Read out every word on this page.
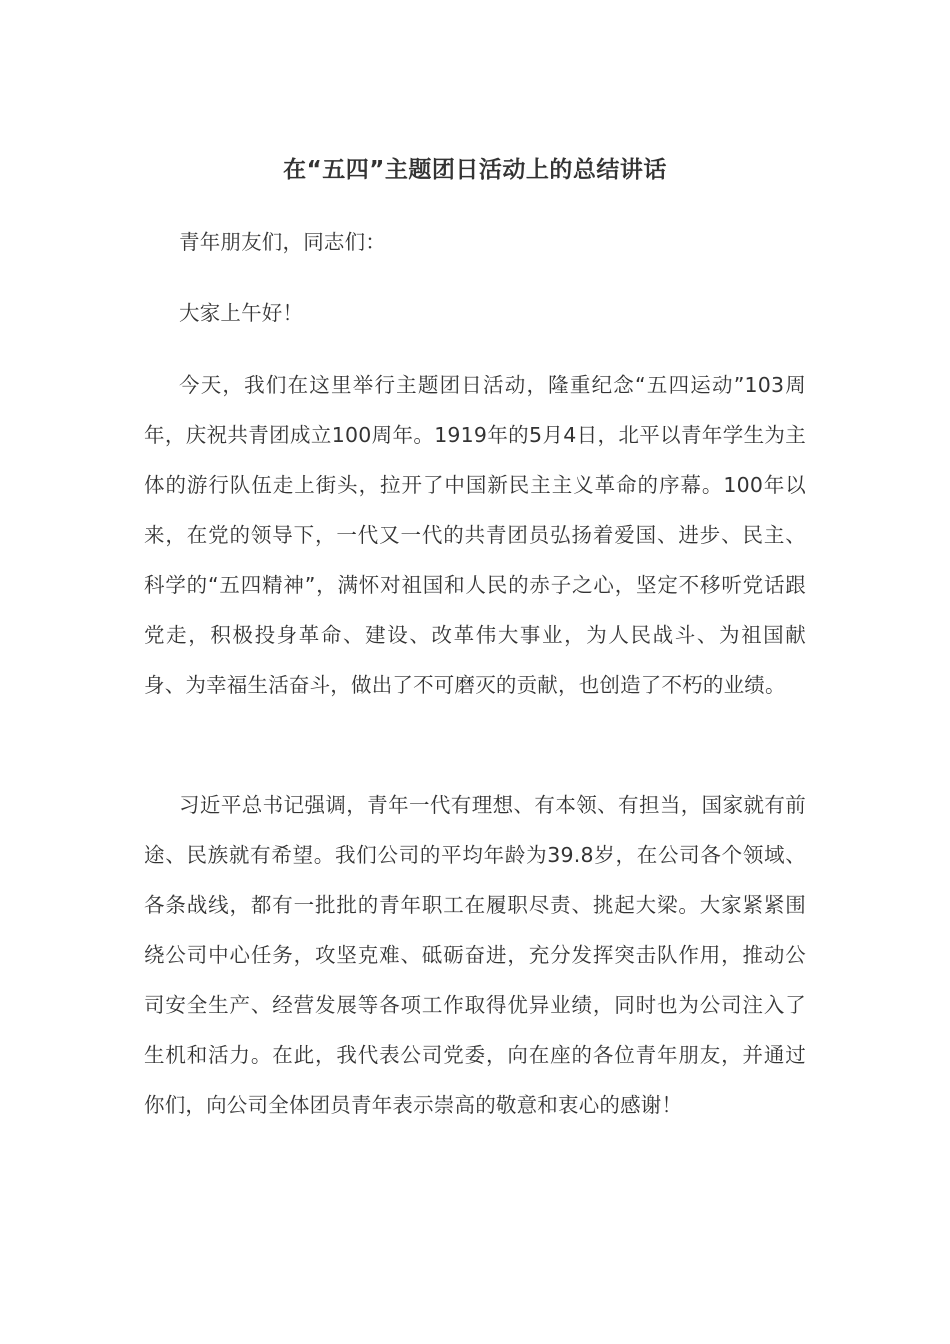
在“五四”主题团日活动上的总结讲话

青年朋友们，同志们：

大家上午好！

今天，我们在这里举行主题团日活动，隆重纪念“五四运动”103周年，庆祝共青团成立100周年。1919年的5月4日，北平以青年学生为主体的游行队伍走上街头，拉开了中国新民主主义革命的序幕。100年以来，在党的领导下，一代又一代的共青团员弘扬着爱国、进步、民主、科学的“五四精神”，满怀对祖国和人民的赤子之心，坚定不移听党话跟党走，积极投身革命、建设、改革伟大事业，为人民战斗、为祖国献身、为幸福生活奋斗，做出了不可磨灭的贡献，也创造了不朽的业绩。

习近平总书记强调，青年一代有理想、有本领、有担当，国家就有前途、民族就有希望。我们公司的平均年龄为39.8岁，在公司各个领域、各条战线，都有一批批的青年职工在履职尽责、挑起大梁。大家紧紧围绕公司中心任务，攻坚克难、砥砺奋进，充分发挥突击队作用，推动公司安全生产、经营发展等各项工作取得优异业绩，同时也为公司注入了生机和活力。在此，我代表公司党委，向在座的各位青年朋友，并通过你们，向公司全体团员青年表示崇高的敬意和衷心的感谢！
